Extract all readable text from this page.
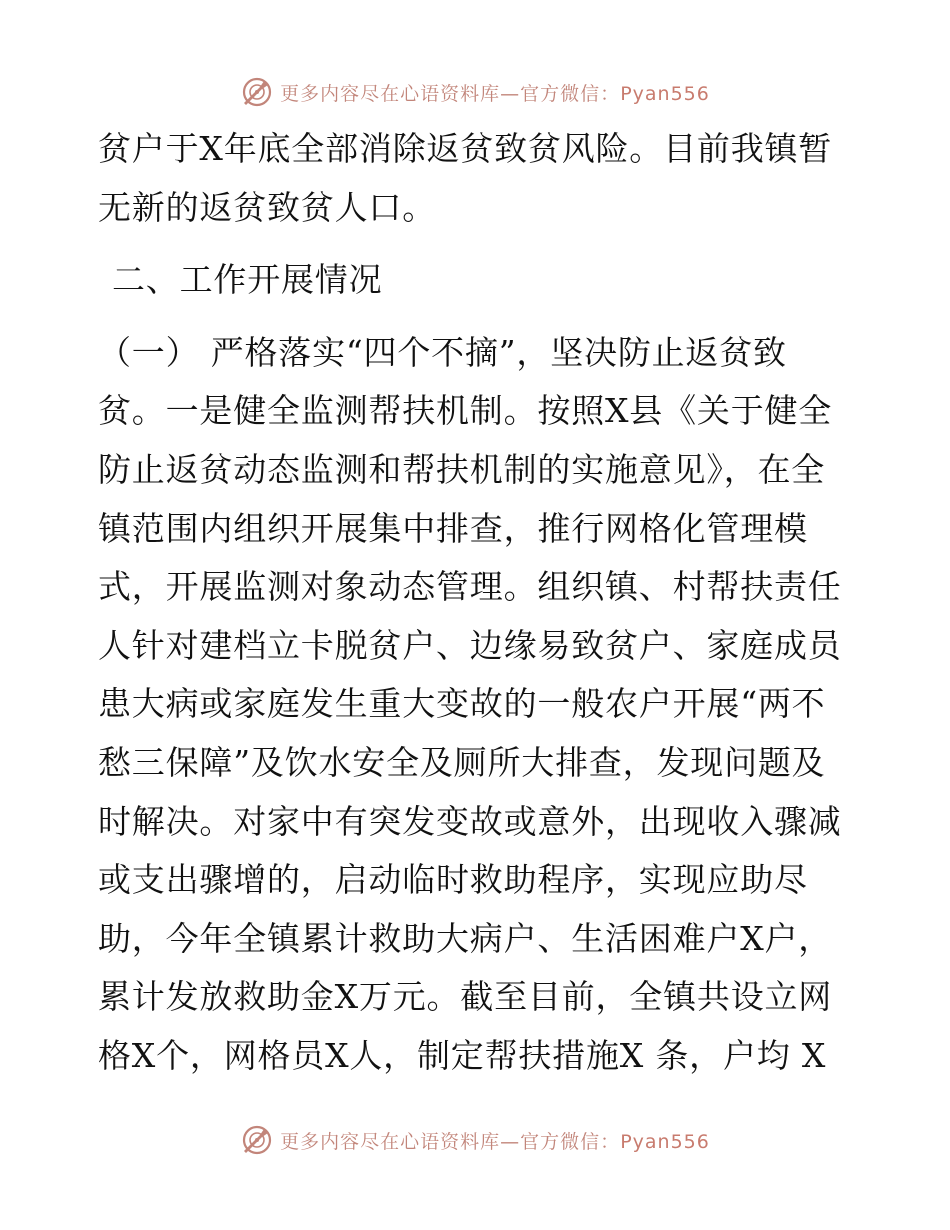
更多内容尽在心语资料库—官方微信：Pyan556
贫户于X年底全部消除返贫致贫风险。目前我镇暂
无新的返贫致贫人口。
二、工作开展情况
（一） 严格落实“四个不摘”，坚决防止返贫致
贫。一是健全监测帮扶机制。按照X县《关于健全
防止返贫动态监测和帮扶机制的实施意见》，在全
镇范围内组织开展集中排查，推行网格化管理模
式，开展监测对象动态管理。组织镇、村帮扶责任
人针对建档立卡脱贫户、边缘易致贫户、家庭成员
患大病或家庭发生重大变故的一般农户开展“两不
愁三保障”及饮水安全及厕所大排查，发现问题及
时解决。对家中有突发变故或意外，出现收入骤减
或支出骤增的，启动临时救助程序，实现应助尽
助，今年全镇累计救助大病户、生活困难户X户，
累计发放救助金X万元。截至目前，全镇共设立网
格X个，网格员X人，制定帮扶措施X 条，户均 X
更多内容尽在心语资料库—官方微信：Pyan556
